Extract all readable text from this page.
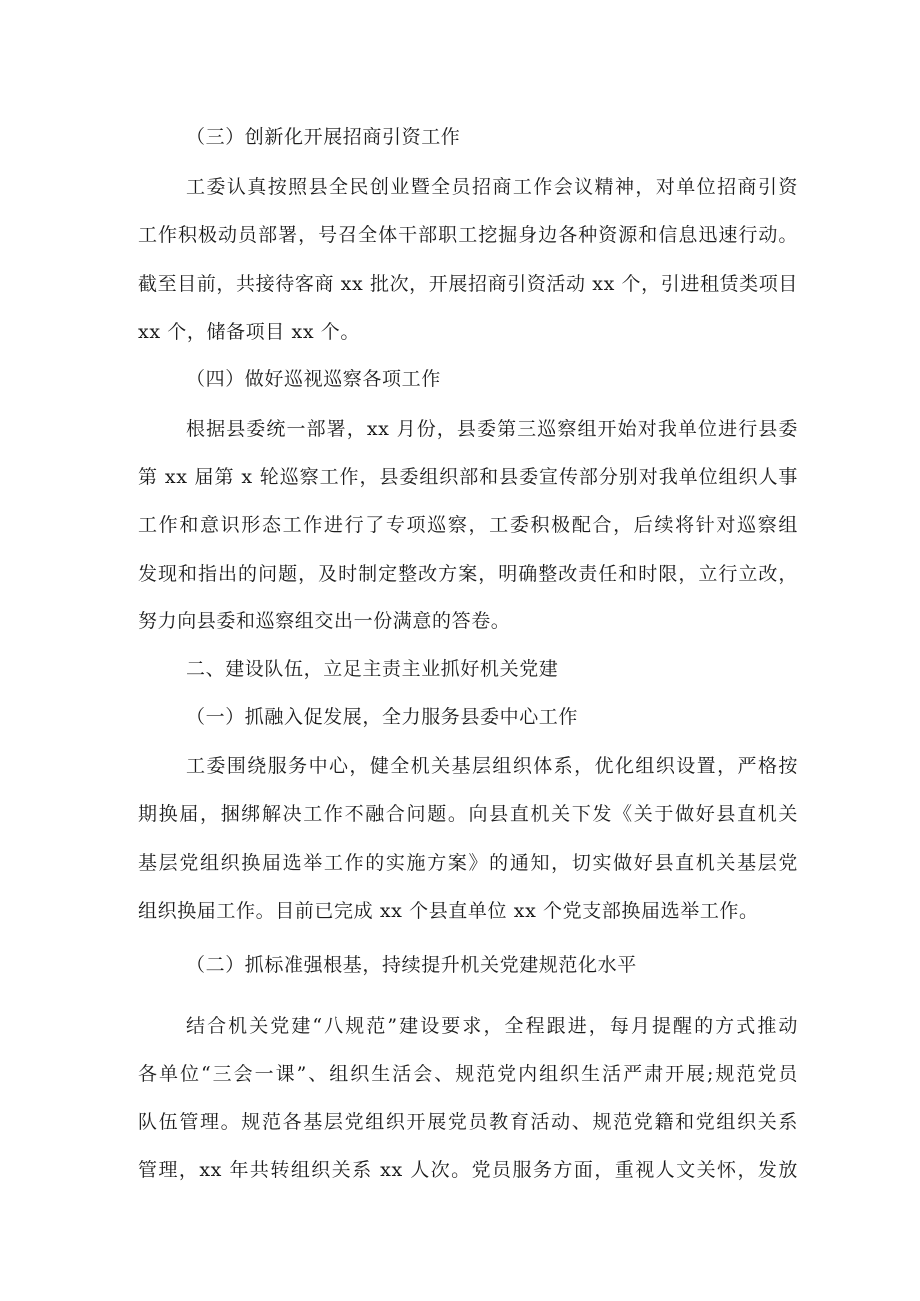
（三）创新化开展招商引资工作
工委认真按照县全民创业暨全员招商工作会议精神，对单位招商引资
工作积极动员部署，号召全体干部职工挖掘身边各种资源和信息迅速行动。
截至目前，共接待客商 xx 批次，开展招商引资活动 xx 个，引进租赁类项目
xx 个，储备项目 xx 个。
（四）做好巡视巡察各项工作
根据县委统一部署，xx 月份，县委第三巡察组开始对我单位进行县委
第 xx 届第 x 轮巡察工作，县委组织部和县委宣传部分别对我单位组织人事
工作和意识形态工作进行了专项巡察，工委积极配合，后续将针对巡察组
发现和指出的问题，及时制定整改方案，明确整改责任和时限，立行立改，
努力向县委和巡察组交出一份满意的答卷。
二、建设队伍，立足主责主业抓好机关党建
（一）抓融入促发展，全力服务县委中心工作
工委围绕服务中心，健全机关基层组织体系，优化组织设置，严格按
期换届，捆绑解决工作不融合问题。向县直机关下发《关于做好县直机关
基层党组织换届选举工作的实施方案》的通知，切实做好县直机关基层党
组织换届工作。目前已完成 xx 个县直单位 xx 个党支部换届选举工作。
（二）抓标准强根基，持续提升机关党建规范化水平
结合机关党建“八规范”建设要求，全程跟进，每月提醒的方式推动
各单位“三会一课”、组织生活会、规范党内组织生活严肃开展;规范党员
队伍管理。规范各基层党组织开展党员教育活动、规范党籍和党组织关系
管理，xx 年共转组织关系 xx 人次。党员服务方面，重视人文关怀，发放
